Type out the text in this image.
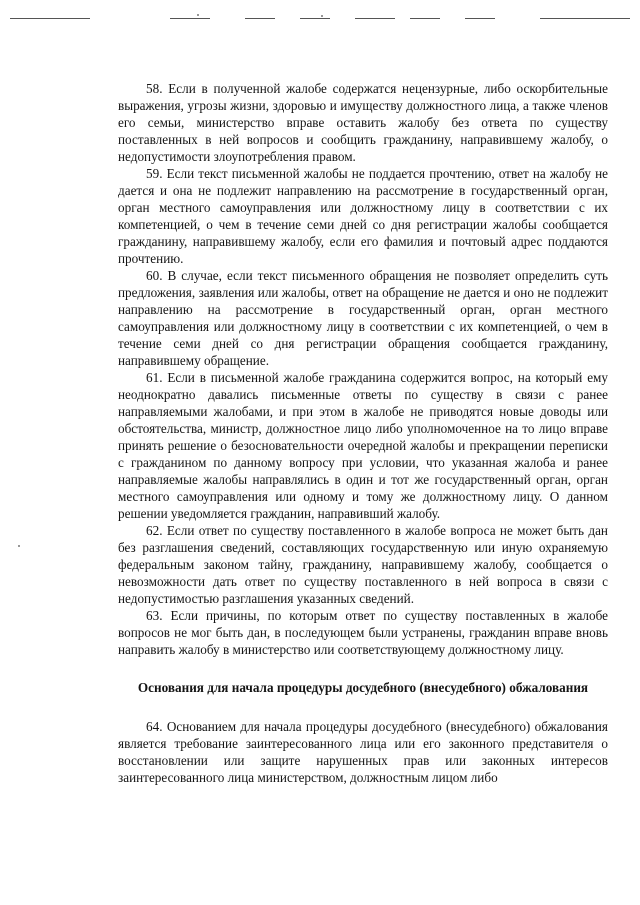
58. Если в полученной жалобе содержатся нецензурные, либо оскорбительные выражения, угрозы жизни, здоровью и имуществу должностного лица, а также членов его семьи, министерство вправе оставить жалобу без ответа по существу поставленных в ней вопросов и сообщить гражданину, направившему жалобу, о недопустимости злоупотребления правом.

59. Если текст письменной жалобы не поддается прочтению, ответ на жалобу не дается и она не подлежит направлению на рассмотрение в государственный орган, орган местного самоуправления или должностному лицу в соответствии с их компетенцией, о чем в течение семи дней со дня регистрации жалобы сообщается гражданину, направившему жалобу, если его фамилия и почтовый адрес поддаются прочтению.

60. В случае, если текст письменного обращения не позволяет определить суть предложения, заявления или жалобы, ответ на обращение не дается и оно не подлежит направлению на рассмотрение в государственный орган, орган местного самоуправления или должностному лицу в соответствии с их компетенцией, о чем в течение семи дней со дня регистрации обращения сообщается гражданину, направившему обращение.

61. Если в письменной жалобе гражданина содержится вопрос, на который ему неоднократно давались письменные ответы по существу в связи с ранее направляемыми жалобами, и при этом в жалобе не приводятся новые доводы или обстоятельства, министр, должностное лицо либо уполномоченное на то лицо вправе принять решение о безосновательности очередной жалобы и прекращении переписки с гражданином по данному вопросу при условии, что указанная жалоба и ранее направляемые жалобы направлялись в один и тот же государственный орган, орган местного самоуправления или одному и тому же должностному лицу. О данном решении уведомляется гражданин, направивший жалобу.

62. Если ответ по существу поставленного в жалобе вопроса не может быть дан без разглашения сведений, составляющих государственную или иную охраняемую федеральным законом тайну, гражданину, направившему жалобу, сообщается о невозможности дать ответ по существу поставленного в ней вопроса в связи с недопустимостью разглашения указанных сведений.

63. Если причины, по которым ответ по существу поставленных в жалобе вопросов не мог быть дан, в последующем были устранены, гражданин вправе вновь направить жалобу в министерство или соответствующему должностному лицу.

Основания для начала процедуры досудебного (внесудебного) обжалования

64. Основанием для начала процедуры досудебного (внесудебного) обжалования является требование заинтересованного лица или его законного представителя о восстановлении или защите нарушенных прав или законных интересов заинтересованного лица министерством, должностным лицом либо
